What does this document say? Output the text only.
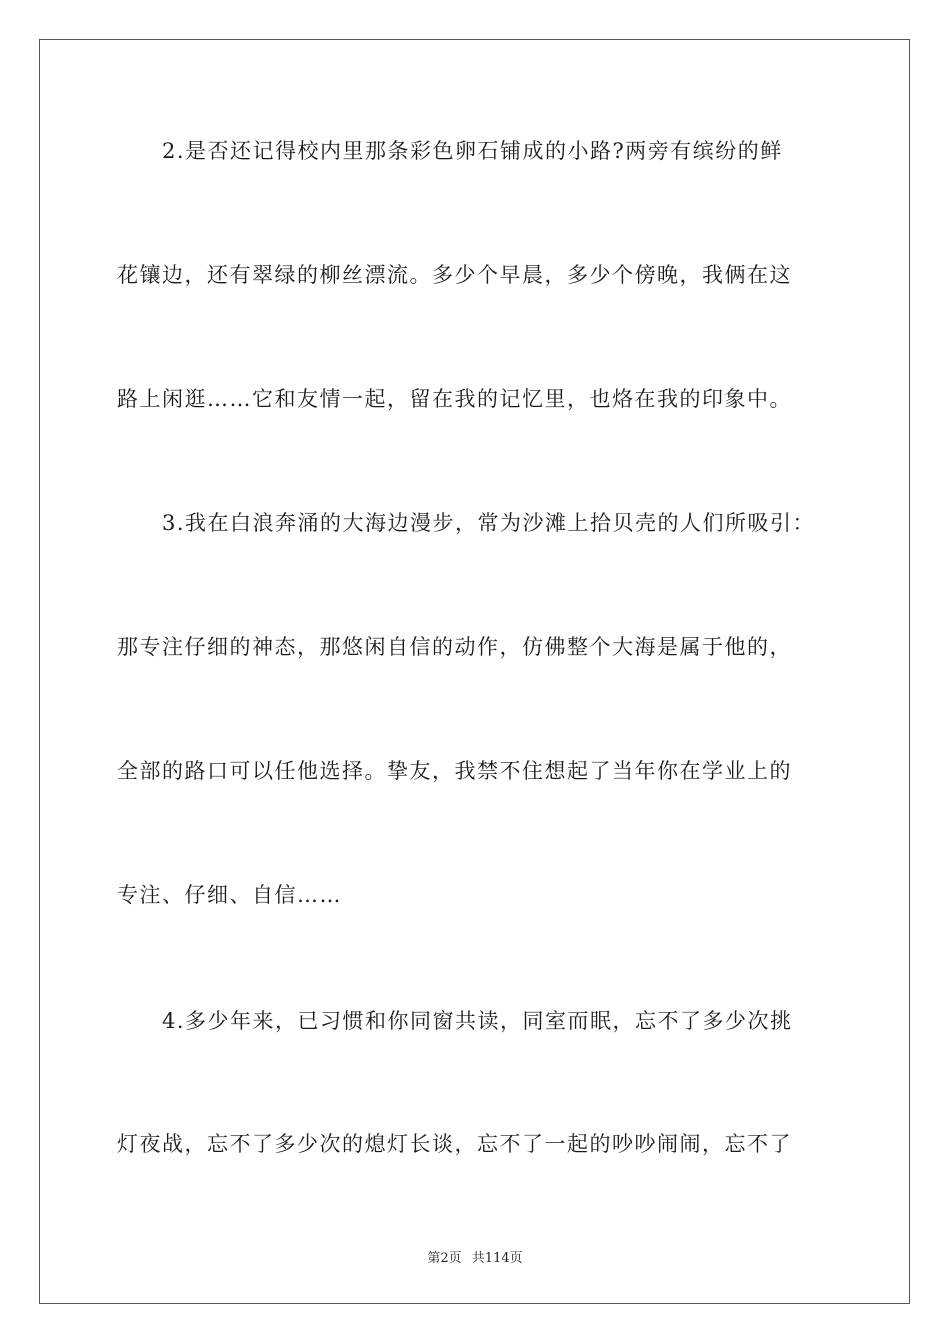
2.是否还记得校内里那条彩色卵石铺成的小路?两旁有缤纷的鲜
花镶边，还有翠绿的柳丝漂流。多少个早晨，多少个傍晚，我俩在这
路上闲逛……它和友情一起，留在我的记忆里，也烙在我的印象中。
3.我在白浪奔涌的大海边漫步，常为沙滩上拾贝壳的人们所吸引：
那专注仔细的神态，那悠闲自信的动作，仿佛整个大海是属于他的，
全部的路口可以任他选择。挚友，我禁不住想起了当年你在学业上的
专注、仔细、自信……
4.多少年来，已习惯和你同窗共读，同室而眠，忘不了多少次挑
灯夜战，忘不了多少次的熄灯长谈，忘不了一起的吵吵闹闹，忘不了
第2页 共114页
